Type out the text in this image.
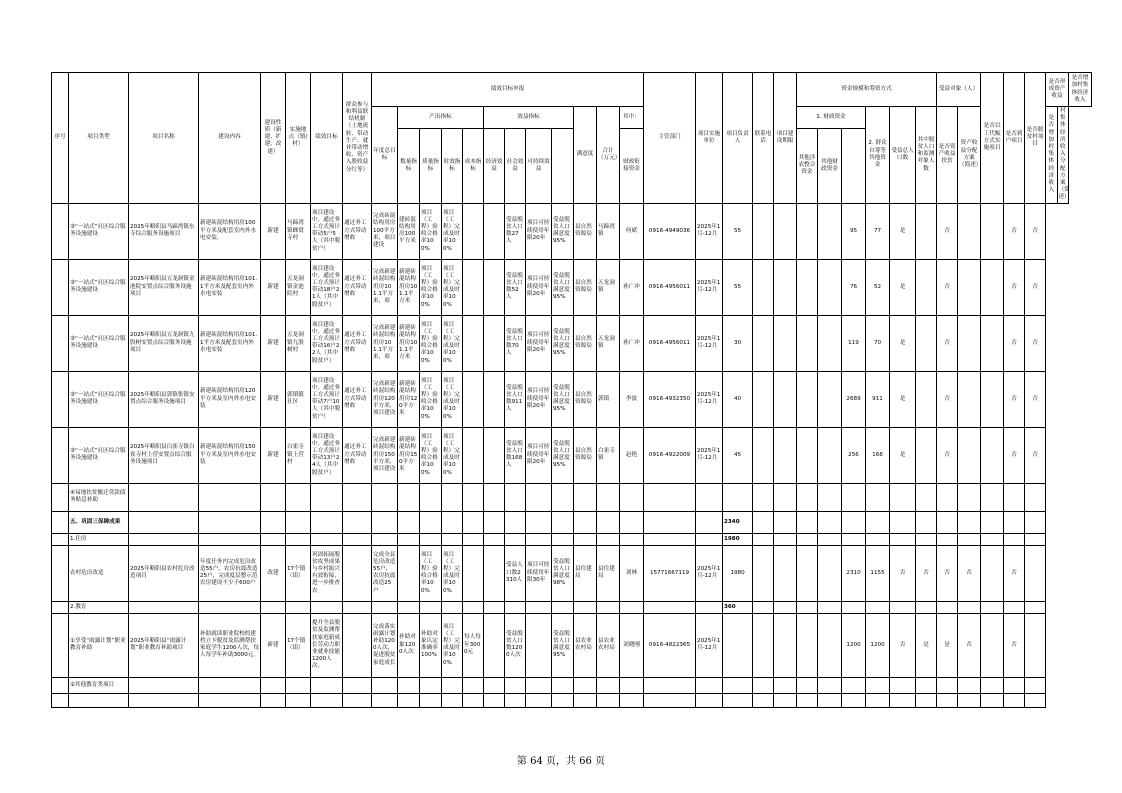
序号	项目类型	项目名称	建设内容	建设性质（新建、扩建、改建）	实施地点（镇/村）	绩效目标	群众参与和利益联结机制（土地流转、带动生产、就业带动增收、资产入股收益分红等）	绩效目标申报												主管部门	项目实施单位	项目负责人	联系电话	项目建设期限	资金规模和筹资方式						受益对象（人）		是否以工代赈方式实施项目	是否到户项目	是否脱贫村项目	是否形成资产收益		是否增加村集体经济收入
								年度总目标	产出指标				效益指标				满意度	合计（万元）	其中：						1. 财政资金			2. 群众自筹等其他资金	受益总人口数	其中脱贫人口和监测对象人数	是否资产收益扶贫	资产收益分配方案（简述）				是否增加村集体经济收入	村集体经济收入分配方案（简述）	
									数量指标	质量指标	时效指标	成本指标	经济效益	社会效益	可持续效益				财政衔接资金						其他涉农整合资金	其他财政资金												

	③“一站式”社区综合服务设施建设	2025年略阳县马蹄湾镇东寺综合服务设施项目	新建砖混结构用房100平方米及配套室内外水电安装。	新建	马蹄湾镇蜂窝寺村	项目建设中，通过务工方式预计带动5户5人（其中脱贫户）	通过务工方式带动增收	完成砖混结构用房100平方米，项目建设	建砖混结构用房100平方米	项目（工程）验收合格率100%	项目（工程）完成及时率100%			受益脱贫人口数27人	项目可持续使用年限20年	受益脱贫人口满意度95%	县自然资源局	马蹄湾镇	何斌	0916-4949036	2025年1月-12月	55					95	77	是		否			否	否			

	③“一站式”社区综合服务设施建设	2025年略阳县五龙洞镇金池院安置点综合服务设施项目	新建砖混结构用房101.1平方米及配套室内外水电安装	新建	五龙洞镇金池院村	项目建设中，通过务工方式预计带动18户21人（其中脱贫户）	通过务工方式带动增收	完成新建砖混结构用房101.1平方米，项	新建砖混结构用房101.1平方米	项目（工程）验收合格率100%	项目（工程）完成及时率100%			受益脱贫人口数52人	项目可持续使用年限20年	受益脱贫人口满意度95%	县自然资源局	五龙洞镇	孙广冲	0916-4956011	2025年1月-12月	55					76	52	是		否			否	否			

	③“一站式”社区综合服务设施建设	2025年略阳县五龙洞镇九股树安置点综合服务设施项目	新建砖混结构用房101.1平方米及配套室内外水电安装	新建	五龙洞镇九股树村	项目建设中，通过务工方式预计带动16户22人（其中脱贫户）	通过务工方式带动增收	完成新建砖混结构用房101.1平方米，项	新建砖混结构用房101.1平方米	项目（工程）验收合格率100%	项目（工程）完成及时率100%			受益脱贫人口数70人	项目可持续使用年限20年	受益脱贫人口满意度95%	县自然资源局	五龙洞镇	孙广冲	0916-4956011	2025年1月-12月	30					119	70	是		否			否	否			

	③“一站式”社区综合服务设施建设	2025年略阳县郭镇集镇安置点综合服务设施项目	新建砖混结构用房120平方米及室内外水电安装	新建	郭镇镇社区	项目建设中，通过务工方式预计带动7户10人（其中脱贫户）	通过务工方式带动增收	完成新建砖混结构用房120平方米，项目建设	新建砖混结构用房120平方米	项目（工程）验收合格率100%	项目（工程）完成及时率100%			受益脱贫人口数911人	项目可持续使用年限20年	受益脱贫人口满意度95%	县自然资源局	郭镇	李波	0916-4932350	2025年1月-12月	40					2689	911	是		否			否	否			

	③“一站式”社区综合服务设施建设	2025年略阳县白雀寺镇白雀寺村上营安置点综合服务设施项目	新建砖混结构用房150平方米及室内外水电安装	新建	白雀寺镇上营村	项目建设中，通过务工方式预计带动13户24人（其中脱贫户）	通过务工方式带动增收	完成新建砖混结构用房150平方米，项目建设	新建砖混结构用房150平方米	项目（工程）验收合格率100%	项目（工程）完成及时率100%			受益脱贫人口数168人	项目可持续使用年限20年	受益脱贫人口满意度95%	县自然资源局	白雀寺镇	赵艳	0916-4922009	2025年1月-12月	45					256	168	是		否			否	否			

	④易地扶贫搬迁贷款债务贴息补助																																					
	五、巩固三保障成果																					2340																
	1.住房																					1980																

	农村危房改造	2025年略阳县农村危房改造项目	年度任务内完成危房改造55户，农房抗震改造25户，完成度层整示范农房建设不少于600户	改建	17个镇（街）	巩固拓展脱贫攻坚成果与乡村振兴有效衔接，进一步排查农		完成全县危房改造55户，农房抗震改造25户		项目（工程）验收合格率100%	项目（工程）完成及时率100%			受益人口数2310人	项目可持续使用年限30年	受益脱贫人口满意度98%	县住建局	县住建局	刘林	15771667119	2025年1月-12月	1980					2310	1155	否	否	否	否		否				

	2.教育																					360																

	①享受“雨露计划”职业教育补助	2025年略阳县“雨露计划”职业教育补助项目	补助就读职业院校的建档立卡脱贫及监测帮扶家庭学生1200人次，每人每学年补助3000元。	新建	17个镇（街）	提升全县脱贫及监测帮扶家庭新成长劳动力职业就业技能1200人次。		完成落实雨露计划补助1200人次，促进脱贫家庭成长	补助对象1200人次	补助对象认定准确率100%	项目（工程）完成及时率100%	每人每年3000元		受益脱贫人口数1200人次		受益脱贫人口满意度95%	县农业农村局	县农业农村局	刘晓刚	0916-4822365	2025年1月-12月						1200	1200	否	是	是	否		否				

	②其他教育类项目																																					

第 64 页，共 66 页
